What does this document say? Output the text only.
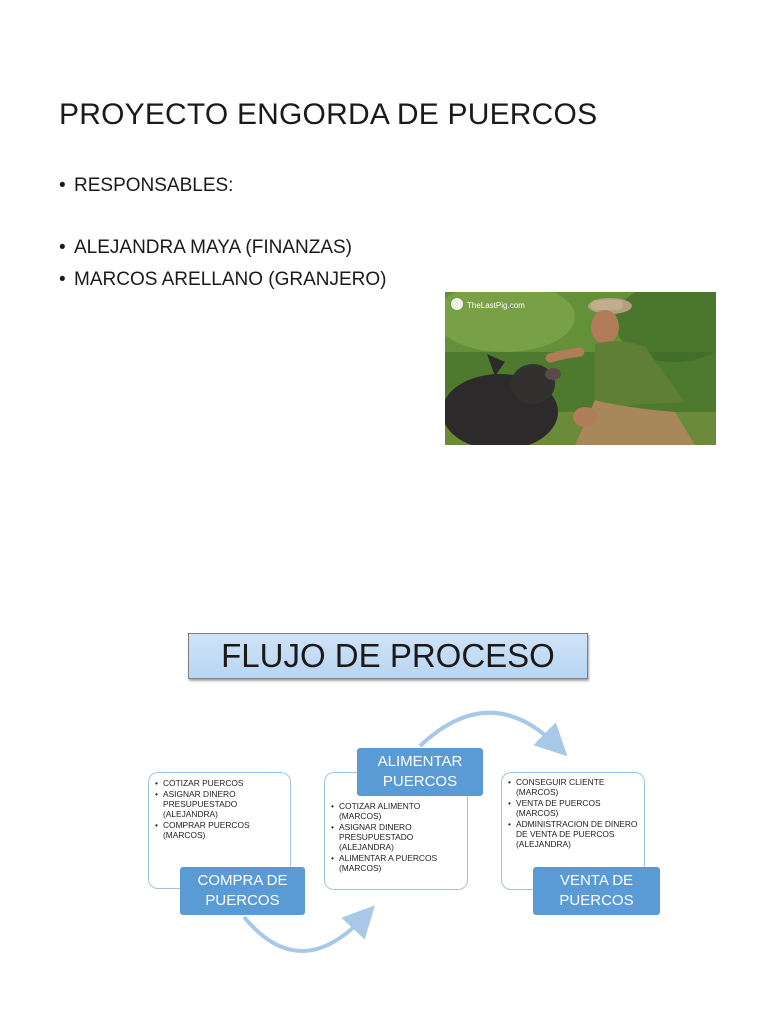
PROYECTO ENGORDA DE PUERCOS
• RESPONSABLES:
• ALEJANDRA MAYA (FINANZAS)
• MARCOS ARELLANO (GRANJERO)
TheLastPig.com
FLUJO DE PROCESO
• COTIZAR PUERCOS
• ASIGNAR DINERO PRESUPUESTADO (ALEJANDRA)
• COMPRAR PUERCOS (MARCOS)
COMPRA DE
PUERCOS
• COTIZAR ALIMENTO (MARCOS)
• ASIGNAR DINERO PRESUPUESTADO (ALEJANDRA)
• ALIMENTAR A PUERCOS (MARCOS)
ALIMENTAR
PUERCOS
•	CONSEGUIR CLIENTE (MARCOS)
• VENTA DE PUERCOS (MARCOS)
• ADMINISTRACION DE DINERO DE VENTA DE PUERCOS (ALEJANDRA)
VENTA DE
PUERCOS
